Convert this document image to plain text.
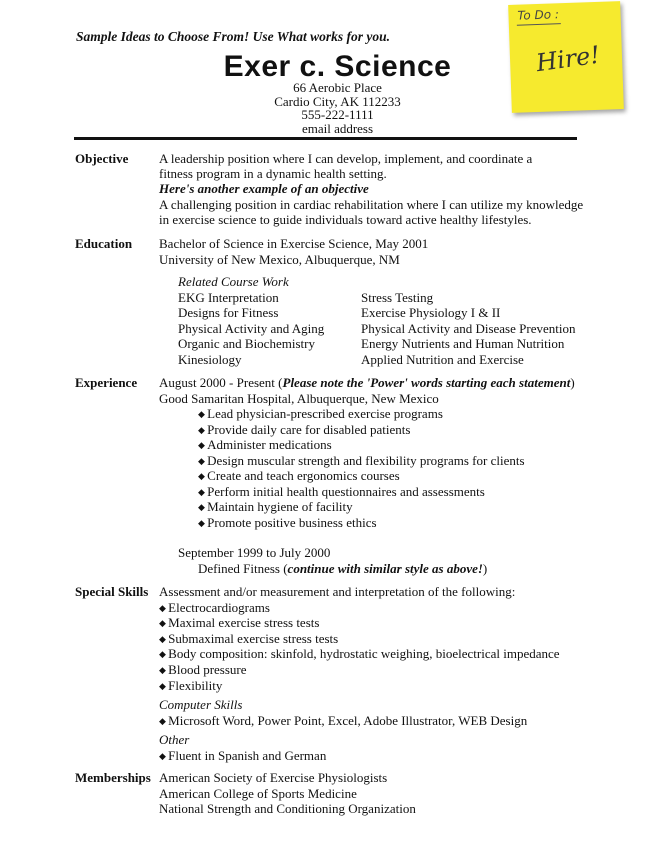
Sample Ideas to Choose From! Use What works for you.
To Do :
Hire!
Exer c. Science
66 Aerobic Place
Cardio City, AK 112233
555-222-1111
email address
Objective A leadership position where I can develop, implement, and coordinate a
fitness program in a dynamic health setting.
Here's another example of an objective
A challenging position in cardiac rehabilitation where I can utilize my knowledge
in exercise science to guide individuals toward active healthy lifestyles.
Education Bachelor of Science in Exercise Science, May 2001
University of New Mexico, Albuquerque, NM
Related Course Work
EKG Interpretation
Designs for Fitness
Physical Activity and Aging
Organic and Biochemistry
Kinesiology
Stress Testing
Exercise Physiology I & II
Physical Activity and Disease Prevention
Energy Nutrients and Human Nutrition
Applied Nutrition and Exercise
Experience August 2000 - Present (Please note the 'Power' words starting each statement)
Good Samaritan Hospital, Albuquerque, New Mexico
◆ Lead physician-prescribed exercise programs
◆ Provide daily care for disabled patients
◆ Administer medications
◆ Design muscular strength and flexibility programs for clients
◆ Create and teach ergonomics courses
◆ Perform initial health questionnaires and assessments
◆ Maintain hygiene of facility
◆ Promote positive business ethics
September 1999 to July 2000
Defined Fitness (continue with similar style as above!)
Special Skills Assessment and/or measurement and interpretation of the following:
◆ Electrocardiograms
◆ Maximal exercise stress tests
◆ Submaximal exercise stress tests
◆ Body composition: skinfold, hydrostatic weighing, bioelectrical impedance
◆ Blood pressure
◆ Flexibility
Computer Skills
◆ Microsoft Word, Power Point, Excel, Adobe Illustrator, WEB Design
Other
◆ Fluent in Spanish and German
Memberships American Society of Exercise Physiologists
American College of Sports Medicine
National Strength and Conditioning Organization
